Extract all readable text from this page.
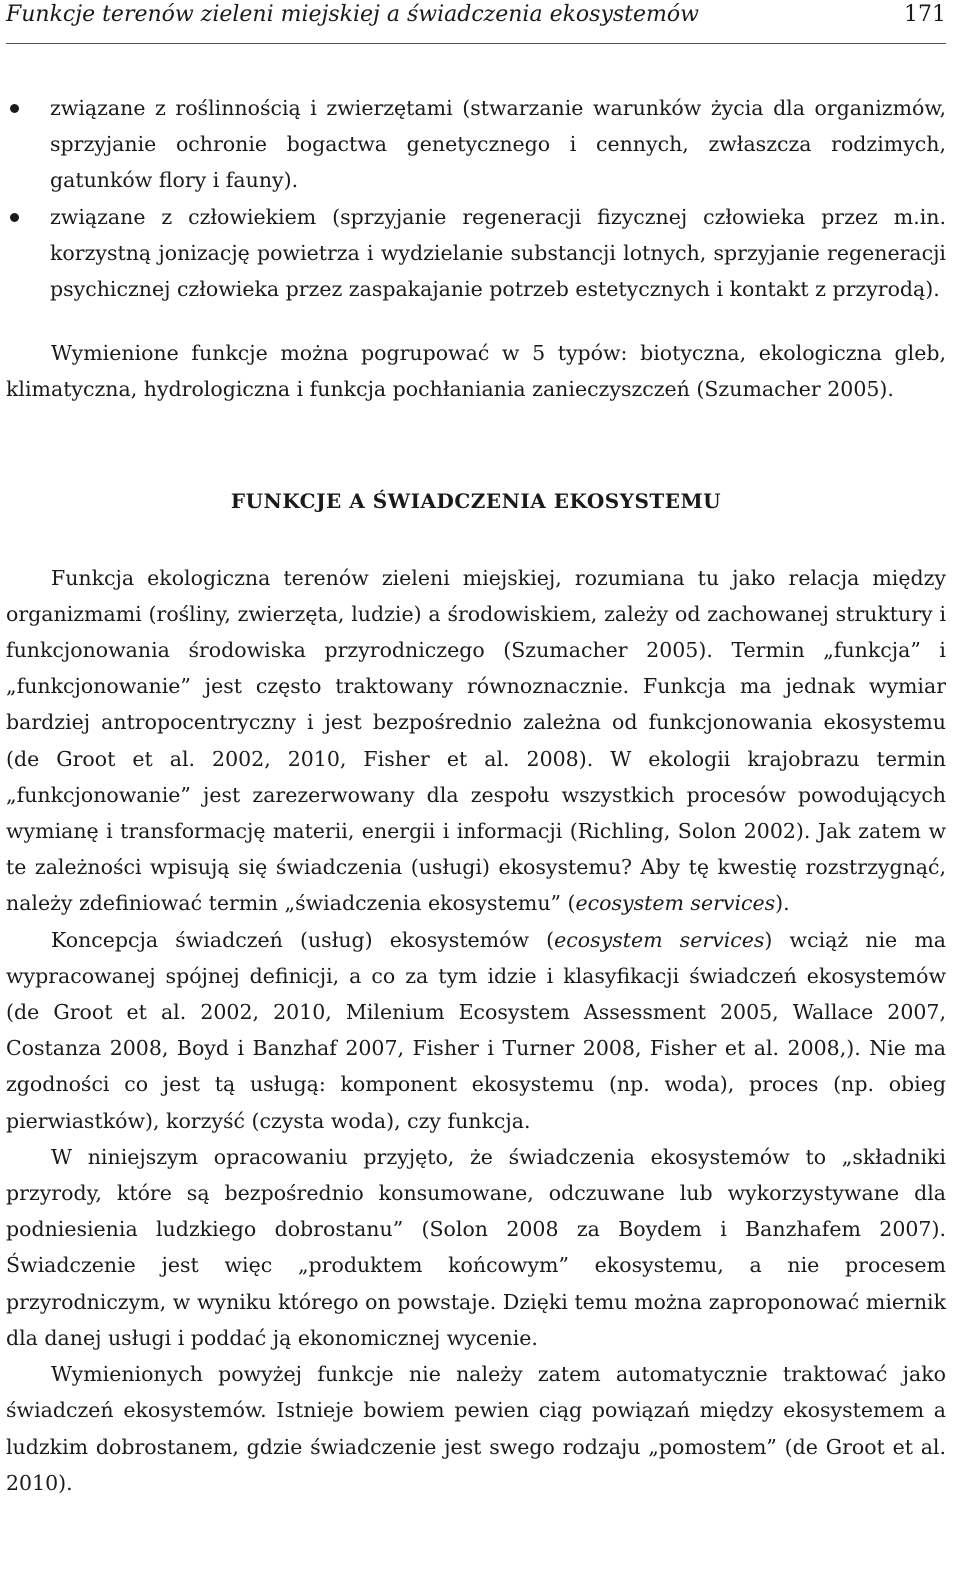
Funkcje terenów zieleni miejskiej a świadczenia ekosystemów	171
związane z roślinnością i zwierzętami (stwarzanie warunków życia dla organizmów, sprzyjanie ochronie bogactwa genetycznego i cennych, zwłaszcza rodzimych, gatunków flory i fauny).
związane z człowiekiem (sprzyjanie regeneracji fizycznej człowieka przez m.in. korzystną jonizację powietrza i wydzielanie substancji lotnych, sprzyjanie regeneracji psychicznej człowieka przez zaspakajanie potrzeb estetycznych i kontakt z przyrodą).

Wymienione funkcje można pogrupować w 5 typów: biotyczna, ekologiczna gleb, klimatyczna, hydrologiczna i funkcja pochłaniania zanieczyszczeń (Szumacher 2005).

FUNKCJE A ŚWIADCZENIA EKOSYSTEMU

Funkcja ekologiczna terenów zieleni miejskiej, rozumiana tu jako relacja między organizmami (rośliny, zwierzęta, ludzie) a środowiskiem, zależy od zachowanej struktury i funkcjonowania środowiska przyrodniczego (Szumacher 2005). Termin „funkcja” i „funkcjonowanie” jest często traktowany równoznacznie. Funkcja ma jednak wymiar bardziej antropocentryczny i jest bezpośrednio zależna od funkcjonowania ekosystemu (de Groot et al. 2002, 2010, Fisher et al. 2008). W ekologii krajobrazu termin „funkcjonowanie” jest zarezerwowany dla zespołu wszystkich procesów powodujących wymianę i transformację materii, energii i informacji (Richling, Solon 2002). Jak zatem w te zależności wpisują się świadczenia (usługi) ekosystemu? Aby tę kwestię rozstrzygnąć, należy zdefiniować termin „świadczenia ekosystemu” (ecosystem services).

Koncepcja świadczeń (usług) ekosystemów (ecosystem services) wciąż nie ma wypracowanej spójnej definicji, a co za tym idzie i klasyfikacji świadczeń ekosystemów (de Groot et al. 2002, 2010, Milenium Ecosystem Assessment 2005, Wallace 2007, Costanza 2008, Boyd i Banzhaf 2007, Fisher i Turner 2008, Fisher et al. 2008,). Nie ma zgodności co jest tą usługą: komponent ekosystemu (np. woda), proces (np. obieg pierwiastków), korzyść (czysta woda), czy funkcja.

W niniejszym opracowaniu przyjęto, że świadczenia ekosystemów to „składniki przyrody, które są bezpośrednio konsumowane, odczuwane lub wykorzystywane dla podniesienia ludzkiego dobrostanu” (Solon 2008 za Boydem i Banzhafem 2007). Świadczenie jest więc „produktem końcowym” ekosystemu, a nie procesem przyrodniczym, w wyniku którego on powstaje. Dzięki temu można zaproponować miernik dla danej usługi i poddać ją ekonomicznej wycenie.

Wymienionych powyżej funkcje nie należy zatem automatycznie traktować jako świadczeń ekosystemów. Istnieje bowiem pewien ciąg powiązań między ekosystemem a ludzkim dobrostanem, gdzie świadczenie jest swego rodzaju „pomostem” (de Groot et al. 2010).
